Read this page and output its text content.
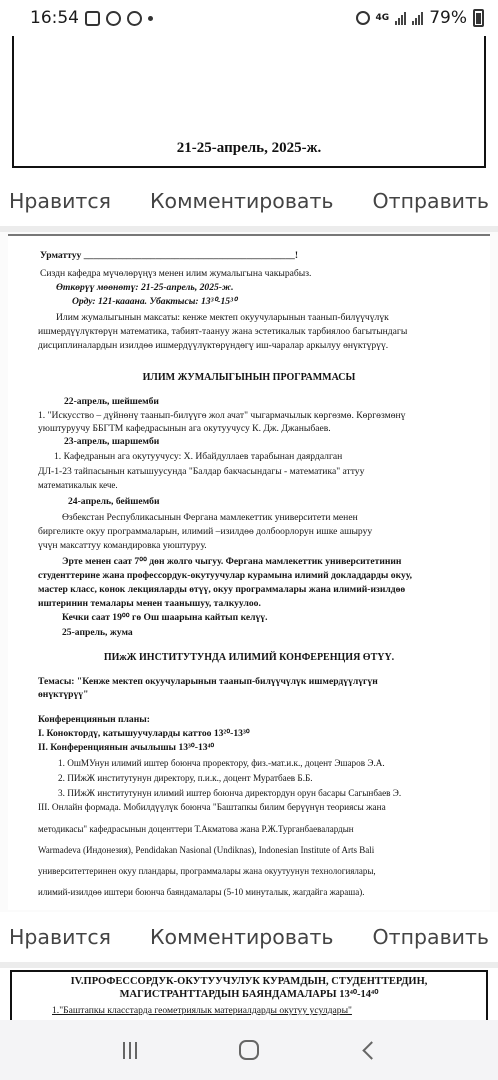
16:54	4G 79%
21-25-апрель, 2025-ж.
Нравится Комментировать Отправить
Урматтуу ____________________________________________!
Сиздн кафедра мүчөлөрүңүз менен илим жумалыгына чакырабыз.
Өткөрүү мөөнөтү: 21-25-апрель, 2025-ж.
Орду: 121-кааана. Убактысы: 13³⁰-15³⁰
Илим жумалыгынын максаты: кенже мектеп окуучуларынын таанып-билүүчүлүк
ишмердүүлүктөрүн математика, табият-таануу жана эстетикалык тарбиялоо багытындагы
дисциплиналардын изилдөө ишмердүүлүктөрүндөгү иш-чаралар аркылуу өнүктүрүү.
ИЛИМ ЖУМАЛЫГЫНЫН ПРОГРАММАСЫ
22-апрель, шейшемби
1. "Искусство – дүйнөнү таанып-билүүгө жол ачат" чыгармачылык көргөзмө. Көргөзмөнү
уюштуруучу ББГТМ кафедрасынын ага окутуучусу К. Дж. Джаныбаев.
23-апрель, шаршемби
1. Кафедранын ага окутуучусу: Х. Ибайдуллаев тарабынан даярдалган
ДЛ-1-23 тайпасынын катышуусунда "Балдар бакчасындагы - математика" аттуу
математикалык кече.
24-апрель, бейшемби
Өзбекстан Республикасынын Фергана мамлекеттик университети менен
биргеликте окуу программаларын, илимий –изилдөө долбоорлорун ишке ашыруу
үчүн максаттуу командировка уюштуруу.
Эрте менен саат 7⁰⁰ дөн жолго чыгуу. Фергана мамлекеттик университетинин
студенттерине жана профессордук-окутуучулар курамына илимий докладдарды окуу,
мастер класс, конок лекцияларды өтүү, окуу программалары жана илимий-изилдөө
иштеринин темалары менен таанышуу, талкуулоо.
Кечки саат 19⁰⁰ гө Ош шаарына кайтып келүү.
25-апрель, жума
ПИжЖ ИНСТИТУТУНДА ИЛИМИЙ КОНФЕРЕНЦИЯ ӨТҮҮ.
Темасы: "Кенже мектеп окуучуларынын таанып-билүүчүлүк ишмердүүлүгүн
өнүктүрүү"
Конференциянын планы:
I. Коноктордү, катышуучуларды каттоо 13²⁰-13³⁰
II. Конференциянын ачылышы 13³⁰-13⁴⁰
1. ОшМУнун илимий иштер боюнча проректору, физ.-мат.и.к., доцент Эшаров Э.А.
2. ПИжЖ институтунун директору, п.и.к., доцент Муратбаев Б.Б.
3. ПИжЖ институтунун илимий иштер боюнча директордун орун басары Сагынбаев Э.
III. Онлайн формада. Мобилдүүлүк боюнча "Баштапкы билим берүүнүн теориясы жана
методикасы" кафедрасынын доценттери Т.Акматова жана Р.Ж.Турганбаевалардын
Warmadeva (Индонезия), Pendidakan Nasional (Undiknas), Indonesian Institute of Arts Bali
университеттеринен окуу пландары, программалары жана окуутуунун технологиялары,
илимий-изилдөө иштери боюнча баяндамалары (5-10 минуталык, жагдайга жараша).
Нравится Комментировать Отправить
IV.ПРОФЕССОРДУК-ОКУТУУЧУЛУК КУРАМДЫН, СТУДЕНТТЕРДИН,
МАГИСТРАНТТАРДЫН БАЯНДАМАЛАРЫ 13⁴⁰-14⁴⁰
1."Баштапкы класстарда геометриялык материалдарды окутуу усулдары"
